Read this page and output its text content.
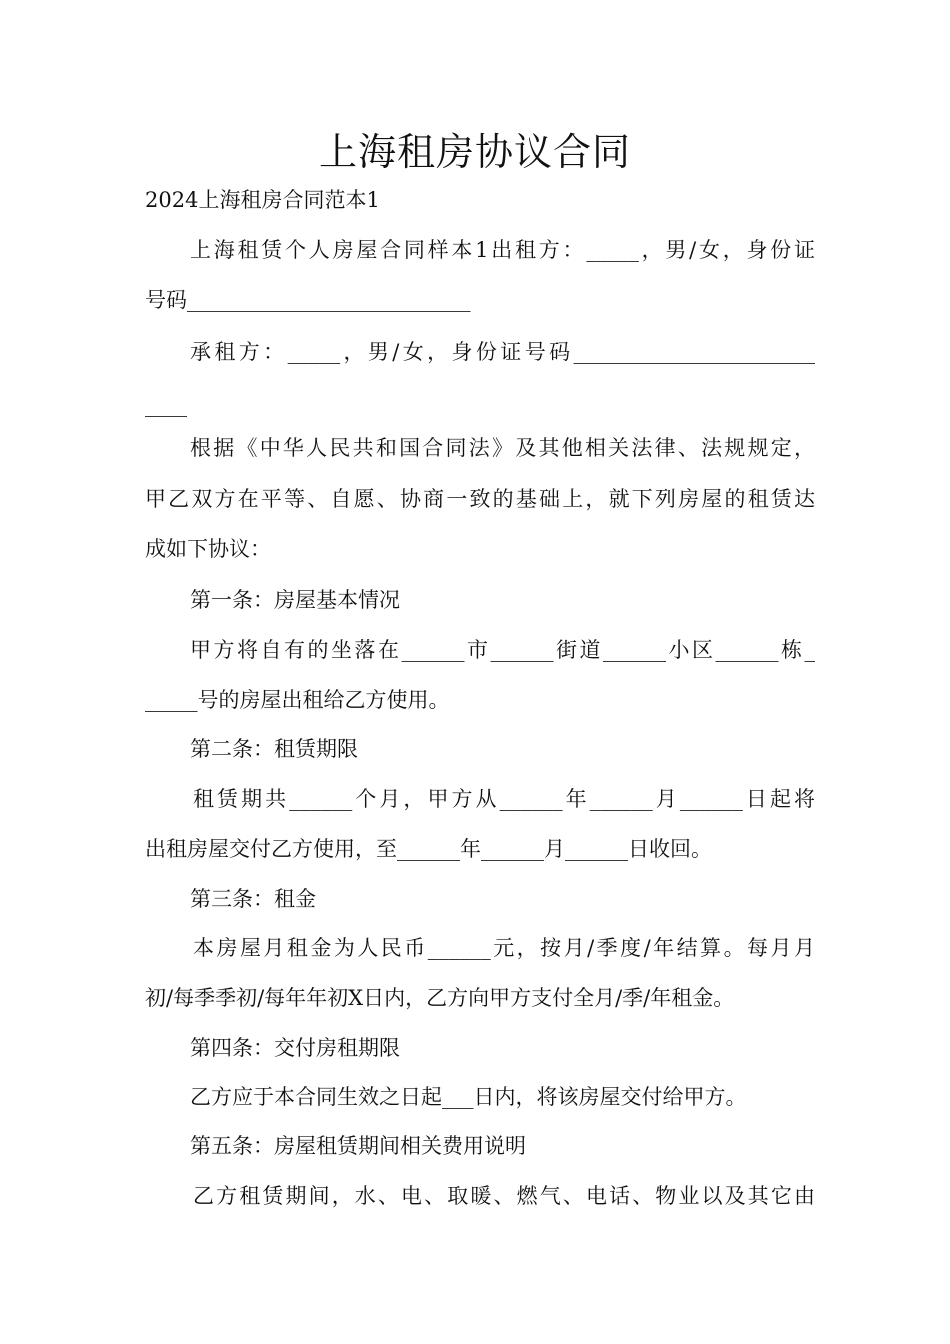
上海租房协议合同
2024上海租房合同范本1
上海租赁个人房屋合同样本1出租方：_____，男/女，身份证
号码___________________________
承租方：_____，男/女，身份证号码_______________________
____
根据《中华人民共和国合同法》及其他相关法律、法规规定，
甲乙双方在平等、自愿、协商一致的基础上，就下列房屋的租赁达
成如下协议：
第一条：房屋基本情况
甲方将自有的坐落在______市______街道______小区______栋_
_____号的房屋出租给乙方使用。
第二条：租赁期限
租赁期共______个月，甲方从______年______月______日起将
出租房屋交付乙方使用，至______年______月______日收回。
第三条：租金
本房屋月租金为人民币______元，按月/季度/年结算。每月月
初/每季季初/每年年初X日内，乙方向甲方支付全月/季/年租金。
第四条：交付房租期限
乙方应于本合同生效之日起___日内，将该房屋交付给甲方。
第五条：房屋租赁期间相关费用说明
乙方租赁期间，水、电、取暖、燃气、电话、物业以及其它由
